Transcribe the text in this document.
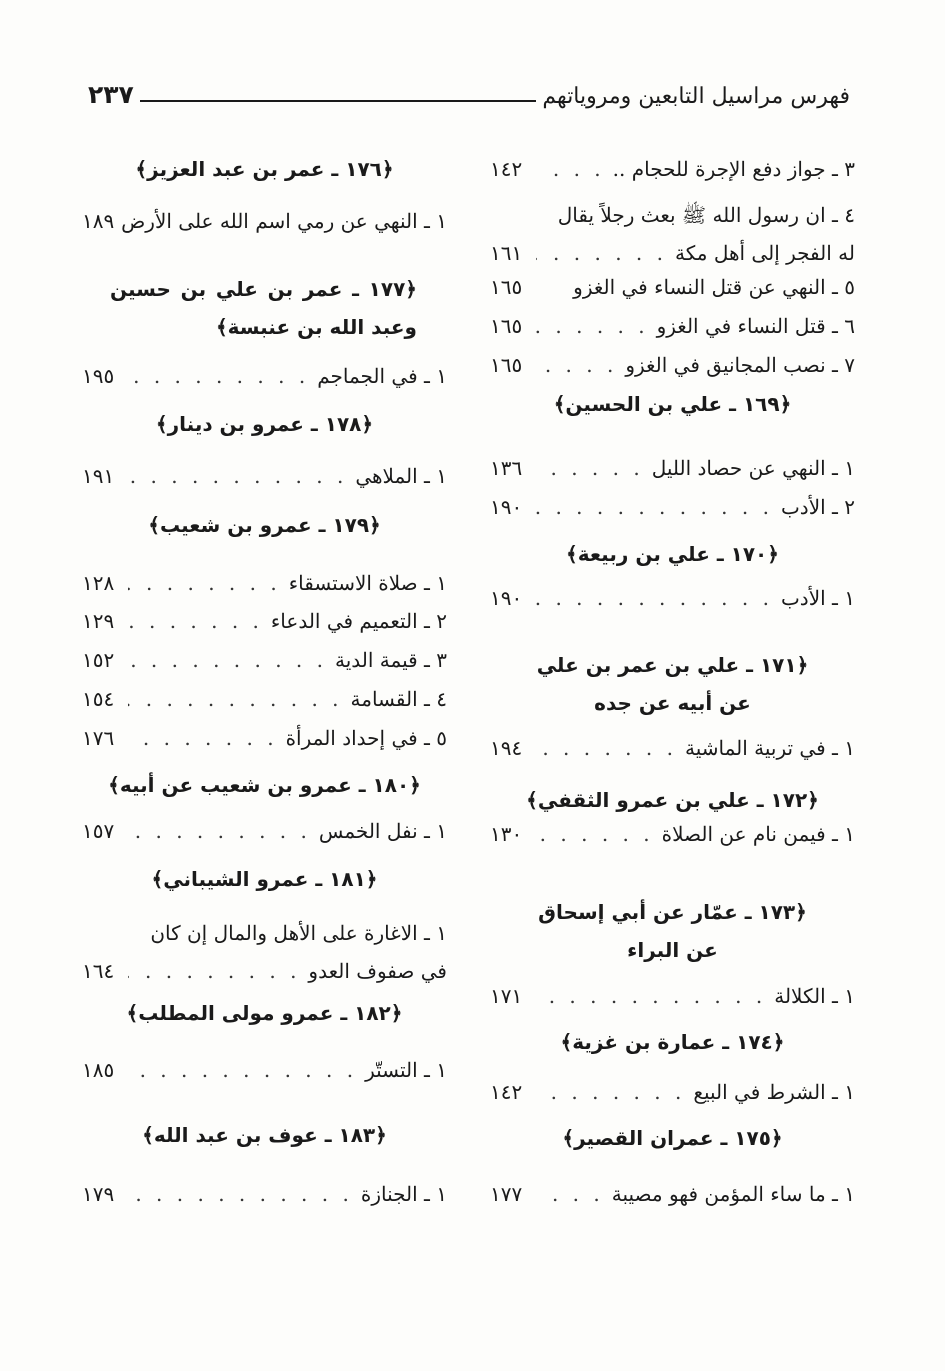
فهرس مراسيل التابعين ومروياتهم
٢٣٧
٣ ـ جواز دفع الإجرة للحجام ..
. . .
١٤٢
٤ ـ ان رسول الله ﷺ بعث رجلاً يقال
له الفجر إلى أهل مكة
. . .
١٦١
٥ ـ النهي عن قتل النساء في الغزو
١٦٥
٦ ـ قتل النساء في الغزو
. . .
١٦٥
٧ ـ نصب المجانيق في الغزو
. . .
١٦٥
﴿١٦٩ ـ علي بن الحسين﴾
١ ـ النهي عن حصاد الليل
. . .
١٣٦
٢ ـ الأدب
. . .
١٩٠
﴿١٧٠ ـ علي بن ربيعة﴾
١ ـ الأدب
. . .
١٩٠
﴿١٧١ ـ علي بن عمر بن علي
عن أبيه عن جده
١ ـ في تربية الماشية
. . .
١٩٤
﴿١٧٢ ـ علي بن عمرو الثقفي﴾
١ ـ فيمن نام عن الصلاة
. . .
١٣٠
﴿١٧٣ ـ عمّار عن أبي إسحاق
عن البراء
١ ـ الكلالة
. . .
١٧١
﴿١٧٤ ـ عمارة بن غزية﴾
١ ـ الشرط في البيع
. . .
١٤٢
﴿١٧٥ ـ عمران القصير﴾
١ ـ ما ساء المؤمن فهو مصيبة
. . .
١٧٧
﴿١٧٦ ـ عمر بن عبد العزيز﴾
١ ـ النهي عن رمي اسم الله على الأرض
١٨٩
﴿١٧٧ ـ عمر بن علي بن حسين
وعبد الله بن عنبسة﴾
١ ـ في الجماجم
. . .
١٩٥
﴿١٧٨ ـ عمرو بن دينار﴾
١ ـ الملاهي
. . .
١٩١
﴿١٧٩ ـ عمرو بن شعيب﴾
١ ـ صلاة الاستسقاء
. . .
١٢٨
٢ ـ التعميم في الدعاء
. . .
١٢٩
٣ ـ قيمة الدية
. . .
١٥٢
٤ ـ القسامة
. . .
١٥٤
٥ ـ في إحداد المرأة
. . .
١٧٦
﴿١٨٠ ـ عمرو بن شعيب عن أبيه﴾
١ ـ نفل الخمس
. . .
١٥٧
﴿١٨١ ـ عمرو الشيباني﴾
١ ـ الاغارة على الأهل والمال إن كان
في صفوف العدو
. . .
١٦٤
﴿١٨٢ ـ عمرو مولى المطلب﴾
١ ـ التستّر
. . .
١٨٥
﴿١٨٣ ـ عوف بن عبد الله﴾
١ ـ الجنازة
. . .
١٧٩
